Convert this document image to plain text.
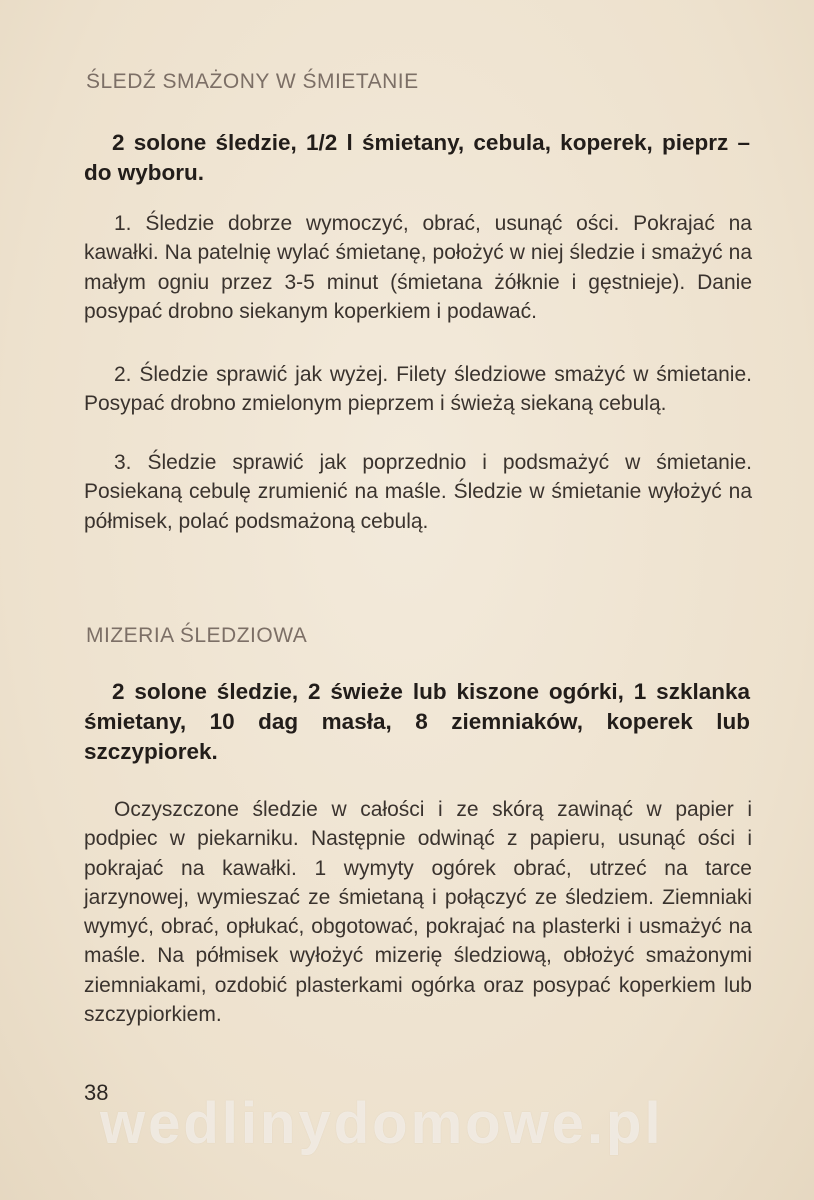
ŚLEDŹ SMAŻONY W ŚMIETANIE

2 solone śledzie, 1/2 l śmietany, cebula, koperek, pieprz – do wyboru.

1. Śledzie dobrze wymoczyć, obrać, usunąć ości. Pokrajać na kawałki. Na patelnię wylać śmietanę, położyć w niej śledzie i smażyć na małym ogniu przez 3-5 minut (śmietana żółknie i gęstnieje). Danie posypać drobno siekanym koperkiem i podawać.

2. Śledzie sprawić jak wyżej. Filety śledziowe smażyć w śmietanie. Posypać drobno zmielonym pieprzem i świeżą siekaną cebulą.

3. Śledzie sprawić jak poprzednio i podsmażyć w śmietanie. Posiekaną cebulę zrumienić na maśle. Śledzie w śmietanie wyłożyć na półmisek, polać podsmażoną cebulą.

MIZERIA ŚLEDZIOWA

2 solone śledzie, 2 świeże lub kiszone ogórki, 1 szklanka śmietany, 10 dag masła, 8 ziemniaków, koperek lub szczypiorek.

Oczyszczone śledzie w całości i ze skórą zawinąć w papier i podpiec w piekarniku. Następnie odwinąć z papieru, usunąć ości i pokrajać na kawałki. 1 wymyty ogórek obrać, utrzeć na tarce jarzynowej, wymieszać ze śmietaną i połączyć ze śledziem. Ziemniaki wymyć, obrać, opłukać, obgotować, pokrajać na plasterki i usmażyć na maśle. Na półmisek wyłożyć mizerię śledziową, obłożyć smażonymi ziemniakami, ozdobić plasterkami ogórka oraz posypać koperkiem lub szczypiorkiem.

wedlinydomowe.pl

38
